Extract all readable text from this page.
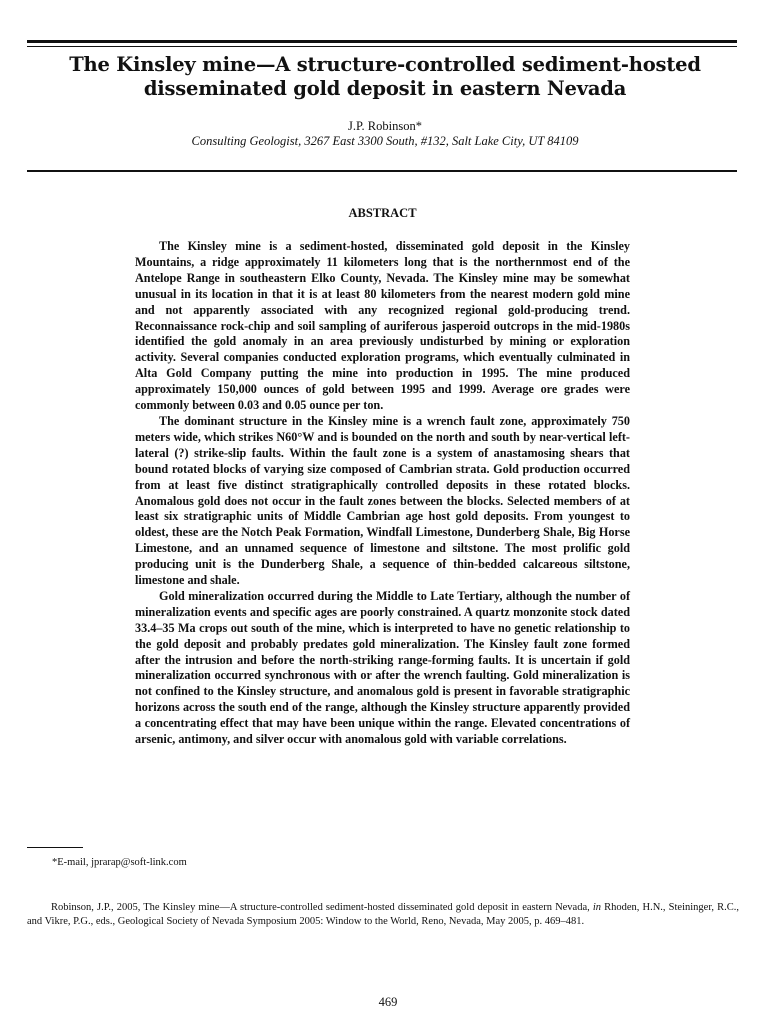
The Kinsley mine—A structure-controlled sediment-hosted disseminated gold deposit in eastern Nevada
J.P. Robinson*
Consulting Geologist, 3267 East 3300 South, #132, Salt Lake City, UT 84109
ABSTRACT

The Kinsley mine is a sediment-hosted, disseminated gold deposit in the Kinsley Mountains, a ridge approximately 11 kilometers long that is the northernmost end of the Antelope Range in southeastern Elko County, Nevada. The Kinsley mine may be somewhat unusual in its location in that it is at least 80 kilometers from the nearest modern gold mine and not apparently associated with any recognized regional gold-producing trend. Reconnaissance rock-chip and soil sampling of auriferous jasperoid outcrops in the mid-1980s identified the gold anomaly in an area previously undisturbed by mining or exploration activity. Several companies conducted exploration programs, which eventually culminated in Alta Gold Company putting the mine into production in 1995. The mine produced approximately 150,000 ounces of gold between 1995 and 1999. Average ore grades were commonly between 0.03 and 0.05 ounce per ton.

The dominant structure in the Kinsley mine is a wrench fault zone, approximately 750 meters wide, which strikes N60°W and is bounded on the north and south by near-vertical left-lateral (?) strike-slip faults. Within the fault zone is a system of anastamosing shears that bound rotated blocks of varying size composed of Cambrian strata. Gold production occurred from at least five distinct stratigraphically controlled deposits in these rotated blocks. Anomalous gold does not occur in the fault zones between the blocks. Selected members of at least six stratigraphic units of Middle Cambrian age host gold deposits. From youngest to oldest, these are the Notch Peak Formation, Windfall Limestone, Dunderberg Shale, Big Horse Limestone, and an unnamed sequence of limestone and siltstone. The most prolific gold producing unit is the Dunderberg Shale, a sequence of thin-bedded calcareous siltstone, limestone and shale.

Gold mineralization occurred during the Middle to Late Tertiary, although the number of mineralization events and specific ages are poorly constrained. A quartz monzonite stock dated 33.4–35 Ma crops out south of the mine, which is interpreted to have no genetic relationship to the gold deposit and probably predates gold mineralization. The Kinsley fault zone formed after the intrusion and before the north-striking range-forming faults. It is uncertain if gold mineralization occurred synchronous with or after the wrench faulting. Gold mineralization is not confined to the Kinsley structure, and anomalous gold is present in favorable stratigraphic horizons across the south end of the range, although the Kinsley structure apparently provided a concentrating effect that may have been unique within the range. Elevated concentrations of arsenic, antimony, and silver occur with anomalous gold with variable correlations.

*E-mail, jprarap@soft-link.com
Robinson, J.P., 2005, The Kinsley mine—A structure-controlled sediment-hosted disseminated gold deposit in eastern Nevada, in Rhoden, H.N., Steininger, R.C., and Vikre, P.G., eds., Geological Society of Nevada Symposium 2005: Window to the World, Reno, Nevada, May 2005, p. 469–481.
469
